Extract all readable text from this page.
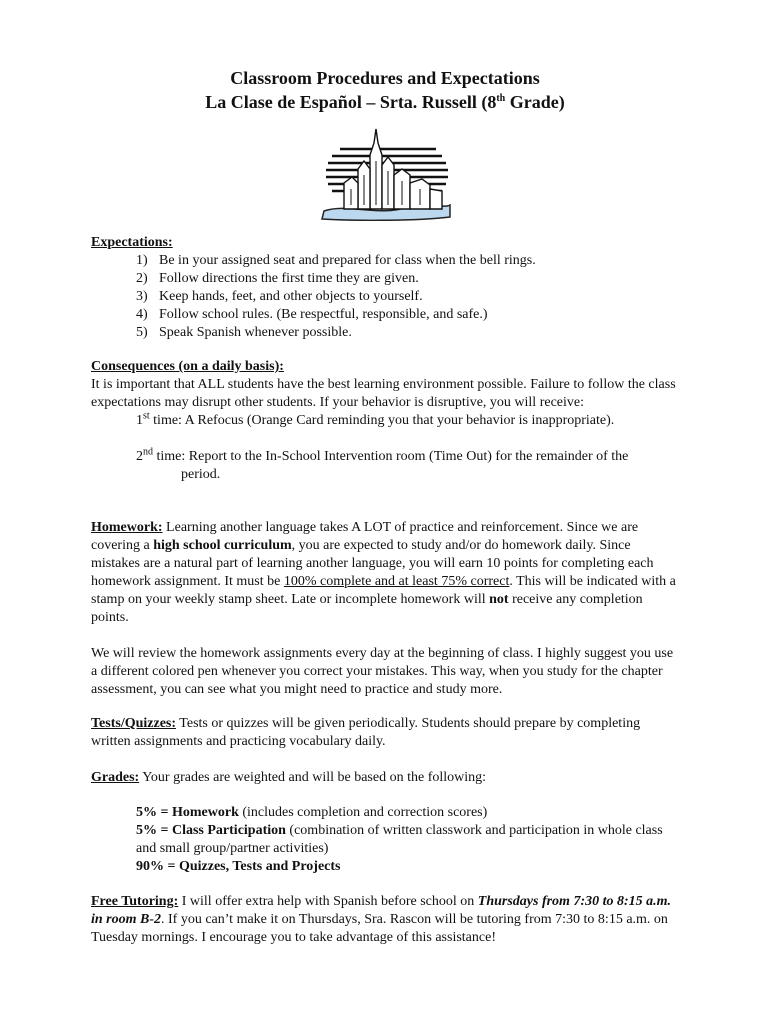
Classroom Procedures and Expectations
La Clase de Español – Srta. Russell (8th Grade)
Expectations:
1) Be in your assigned seat and prepared for class when the bell rings.
2) Follow directions the first time they are given.
3) Keep hands, feet, and other objects to yourself.
4) Follow school rules. (Be respectful, responsible, and safe.)
5) Speak Spanish whenever possible.
Consequences (on a daily basis):

It is important that ALL students have the best learning environment possible. Failure to follow the class expectations may disrupt other students. If your behavior is disruptive, you will receive:

1st time: A Refocus (Orange Card reminding you that your behavior is inappropriate).

2nd time: Report to the In-School Intervention room (Time Out) for the remainder of the
period.

Homework: Learning another language takes A LOT of practice and reinforcement. Since we are covering a high school curriculum, you are expected to study and/or do homework daily. Since mistakes are a natural part of learning another language, you will earn 10 points for completing each homework assignment. It must be 100% complete and at least 75% correct. This will be indicated with a stamp on your weekly stamp sheet. Late or incomplete homework will not receive any completion points.

We will review the homework assignments every day at the beginning of class. I highly suggest you use a different colored pen whenever you correct your mistakes. This way, when you study for the chapter assessment, you can see what you might need to practice and study more.

Tests/Quizzes: Tests or quizzes will be given periodically. Students should prepare by completing written assignments and practicing vocabulary daily.

Grades: Your grades are weighted and will be based on the following:

5% = Homework (includes completion and correction scores)

5% = Class Participation (combination of written classwork and participation in whole class and small group/partner activities)

90% = Quizzes, Tests and Projects

Free Tutoring: I will offer extra help with Spanish before school on Thursdays from 7:30 to 8:15 a.m. in room B-2. If you can’t make it on Thursdays, Sra. Rascon will be tutoring from 7:30 to 8:15 a.m. on Tuesday mornings. I encourage you to take advantage of this assistance!
